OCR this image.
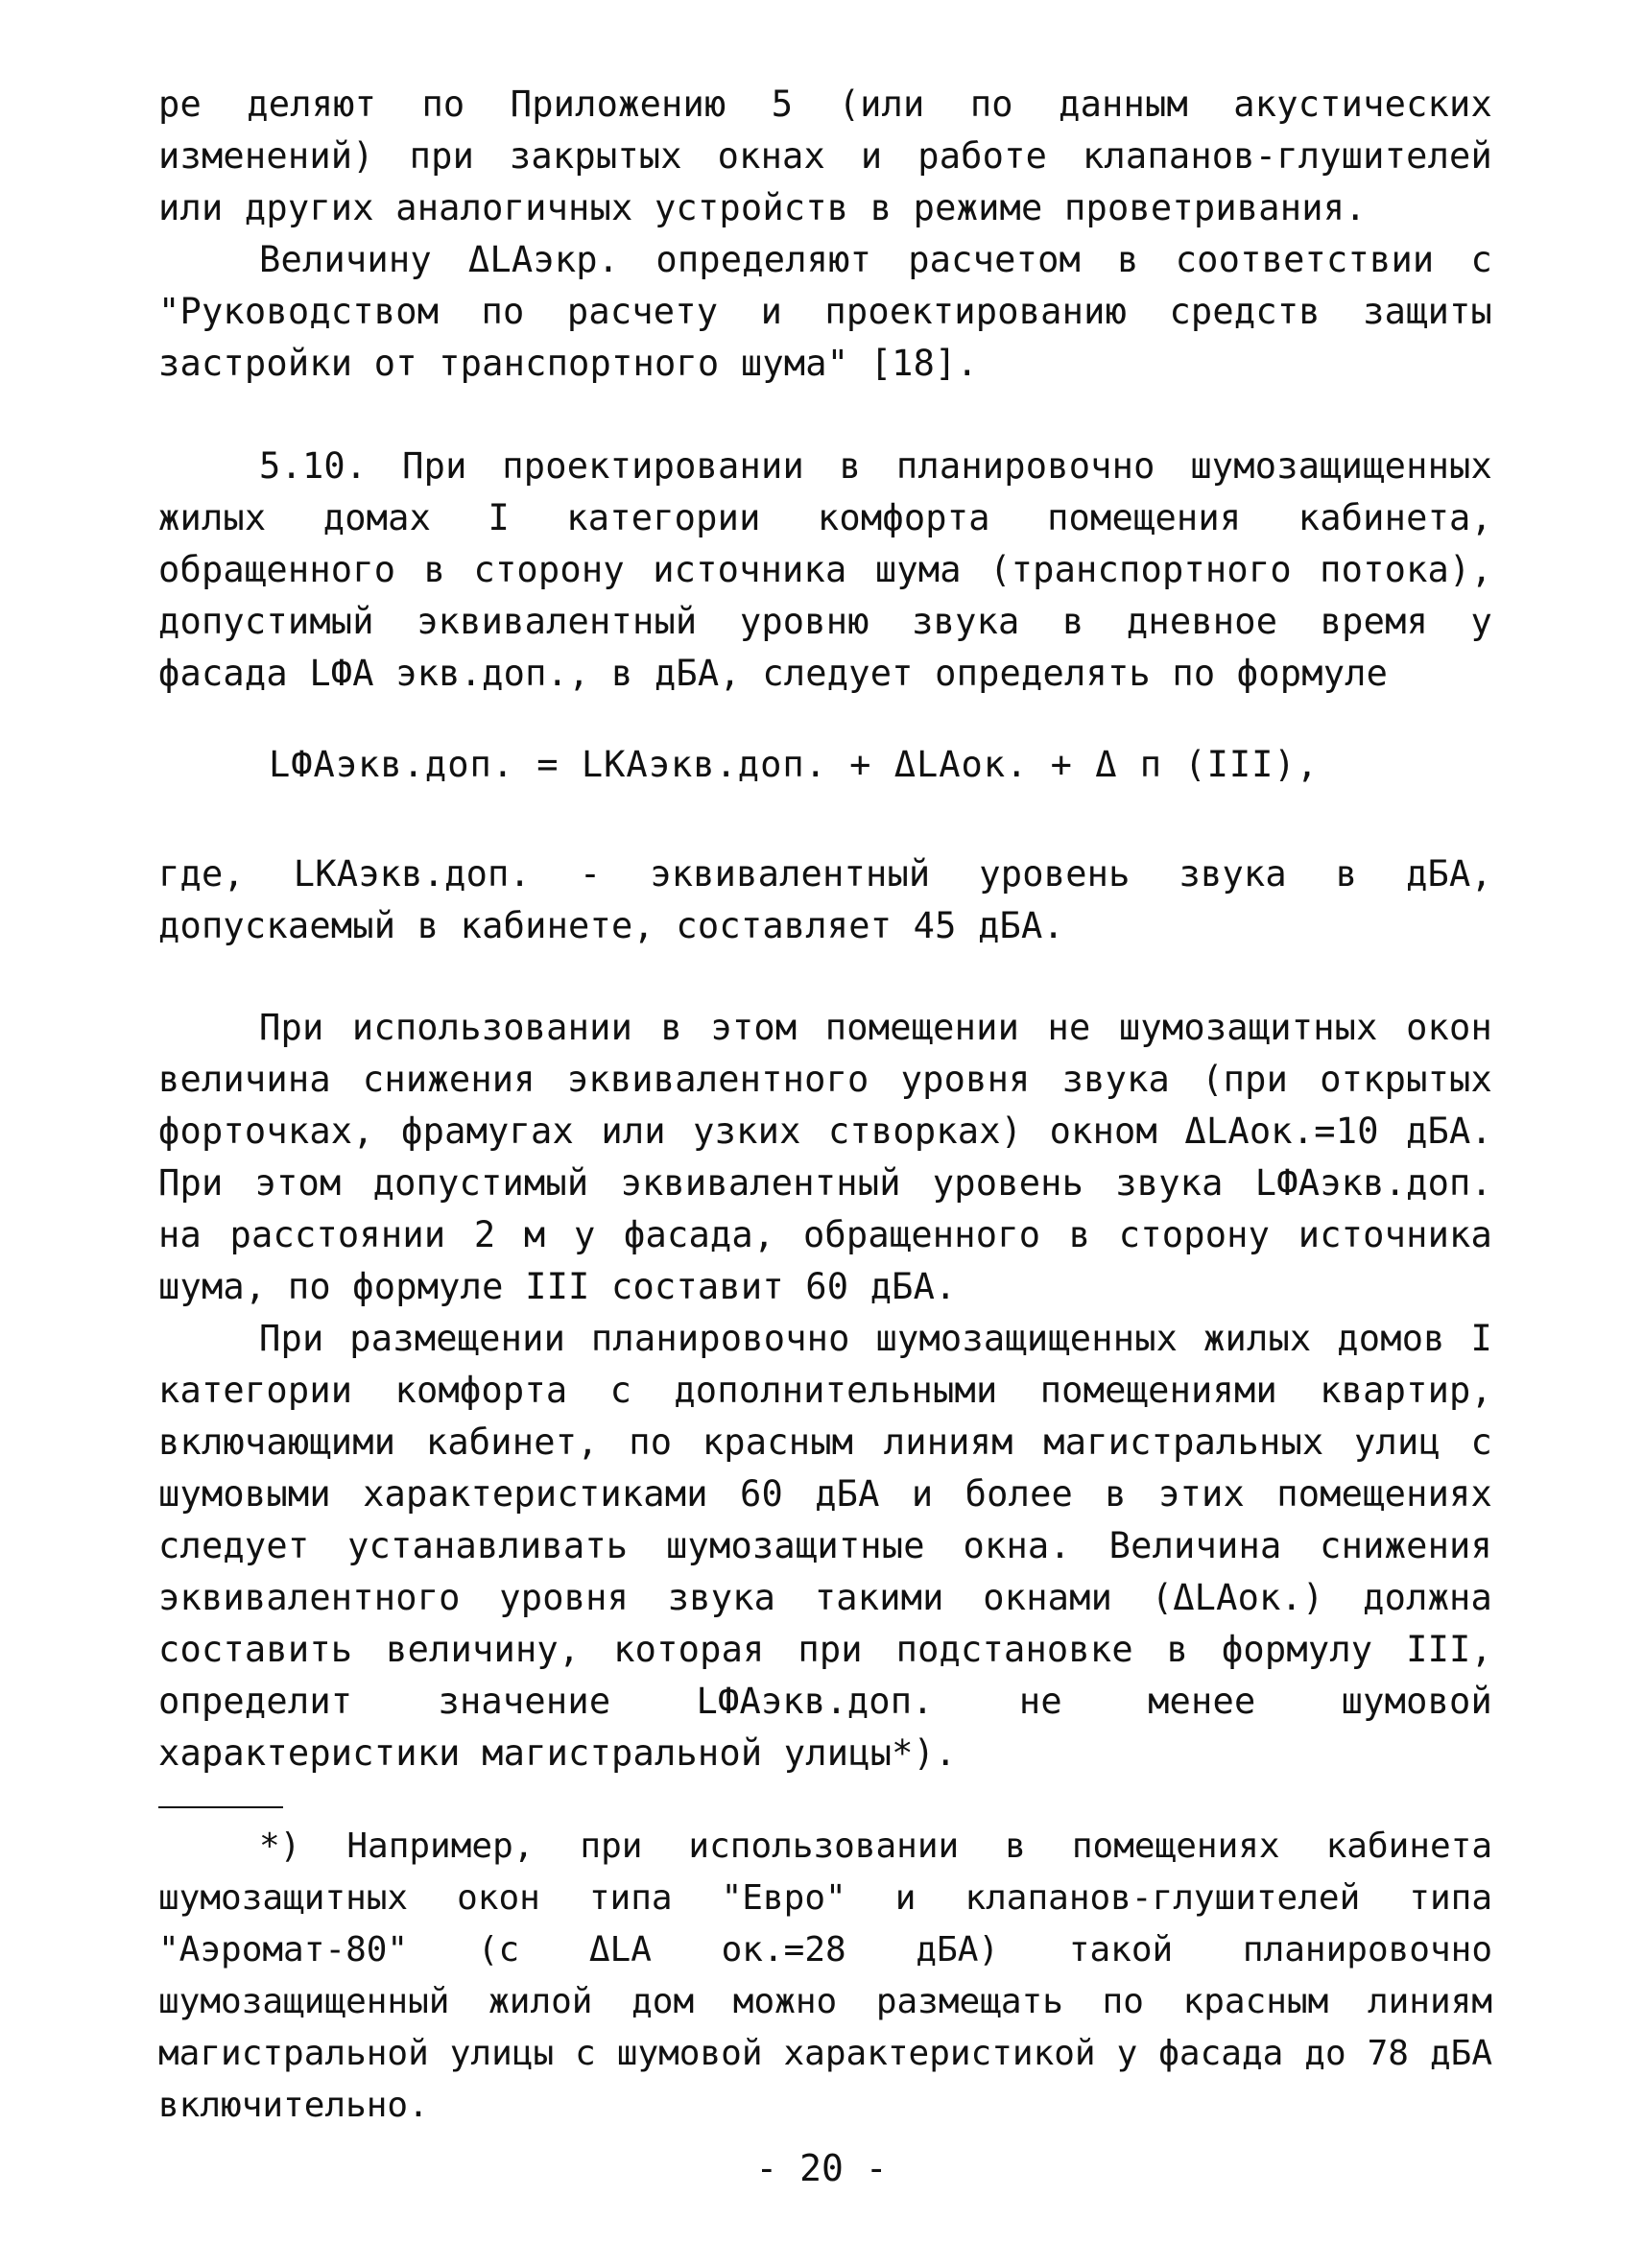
ре деляют по Приложению 5 (или по данным акустических изменений) при закрытых окнах и работе клапанов-глушителей или других аналогичных устройств в режиме проветривания.

Величину ΔLАэкр. определяют расчетом в соответствии с "Руководством по расчету и проектированию средств защиты застройки от транспортного шума" [18].

5.10. При проектировании в планировочно шумозащищенных жилых домах I категории комфорта помещения кабинета, обращенного в сторону источника шума (транспортного потока), допустимый эквивалентный уровню звука в дневное время у фасада LФA экв.доп., в дБА, следует определять по формуле

LФАэкв.доп. = LКАэкв.доп. + ΔLАок. + Δ п (III),

где, LКАэкв.доп. - эквивалентный уровень звука в дБА, допускаемый в кабинете, составляет 45 дБА.

При использовании в этом помещении не шумозащитных окон величина снижения эквивалентного уровня звука (при открытых форточках, фрамугах или узких створках) окном ΔLАок.=10 дБА. При этом допустимый эквивалентный уровень звука LФАэкв.доп. на расстоянии 2 м у фасада, обращенного в сторону источника шума, по формуле III составит 60 дБА.

При размещении планировочно шумозащищенных жилых домов I категории комфорта с дополнительными помещениями квартир, включающими кабинет, по красным линиям магистральных улиц с шумовыми характеристиками 60 дБА и более в этих помещениях следует устанавливать шумозащитные окна. Величина снижения эквивалентного уровня звука такими окнами (ΔLАок.) должна составить величину, которая при подстановке в формулу III, определит значение LФАэкв.доп. не менее шумовой характеристики магистральной улицы*).

*) Например, при использовании в помещениях кабинета шумозащитных окон типа "Евро" и клапанов-глушителей типа "Аэромат-80" (с ΔLА ок.=28 дБА) такой планировочно шумозащищенный жилой дом можно размещать по красным линиям магистральной улицы с шумовой характеристикой у фасада до 78 дБА включительно.

- 20 -
